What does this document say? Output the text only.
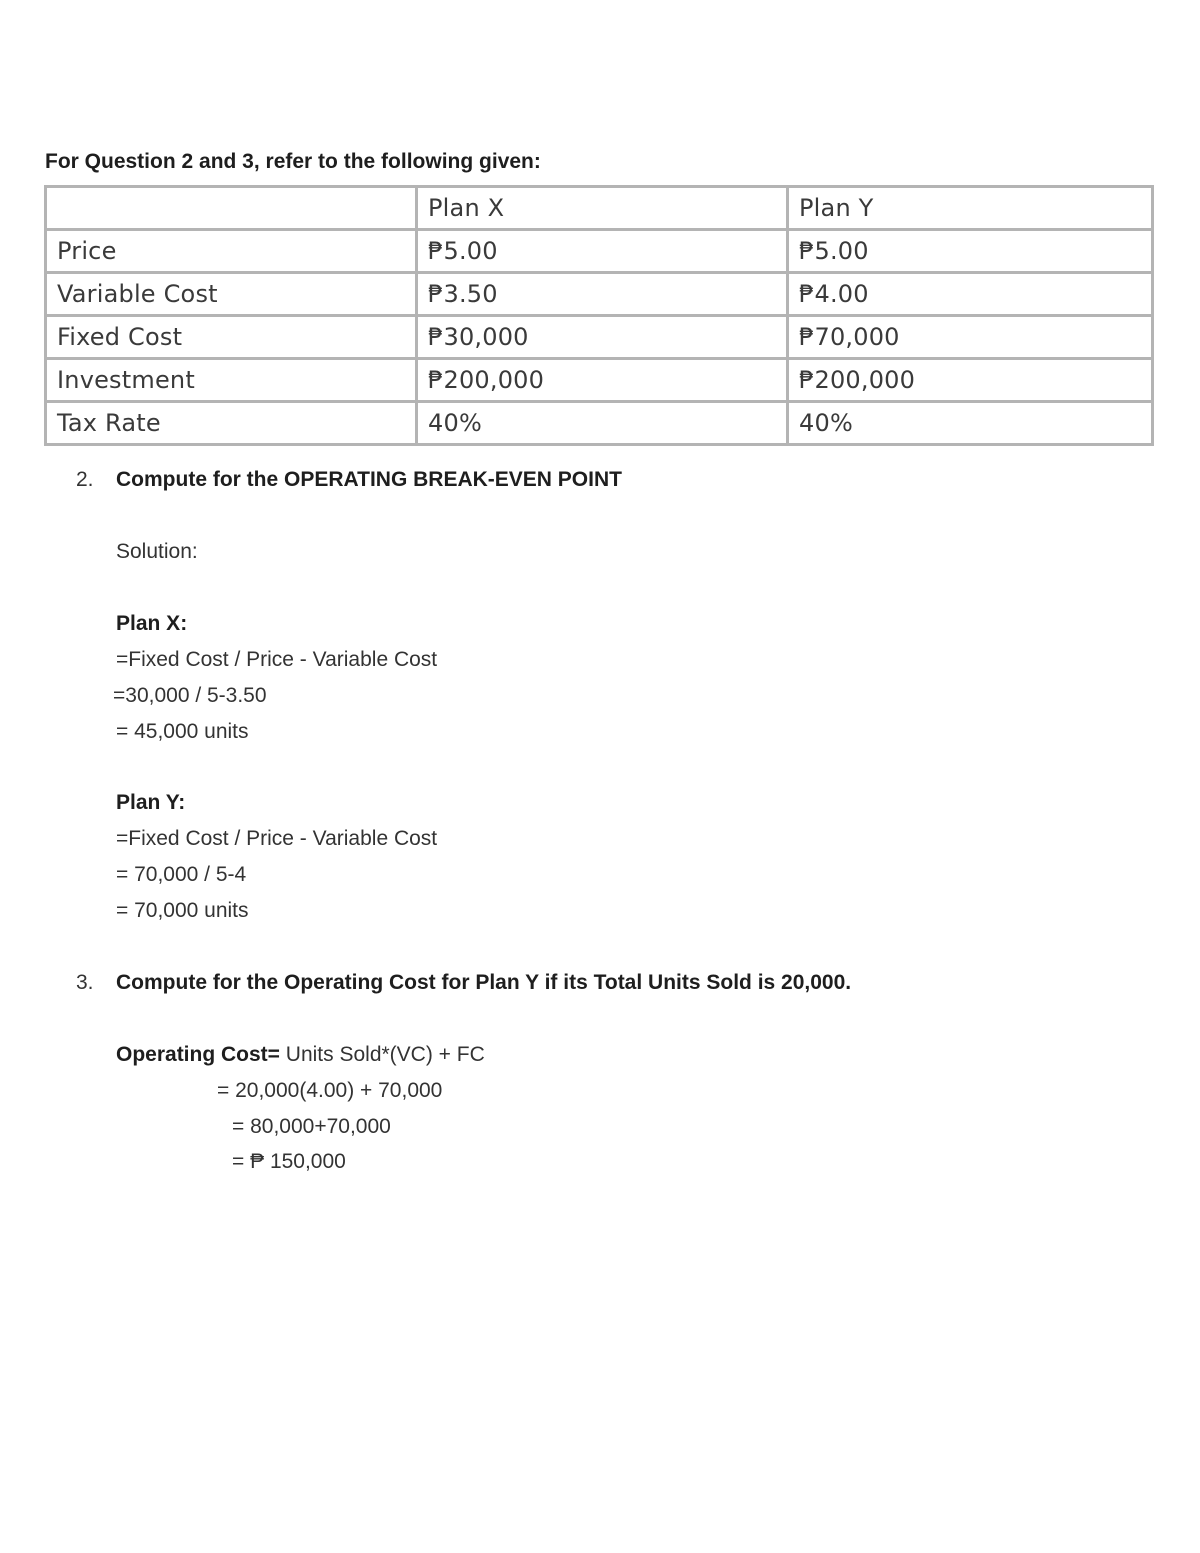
For Question 2 and 3, refer to the following given:
	Plan X	Plan Y
Price	₱5.00	₱5.00
Variable Cost	₱3.50	₱4.00
Fixed Cost	₱30,000	₱70,000
Investment	₱200,000	₱200,000
Tax Rate	40%	40%
2. Compute for the OPERATING BREAK-EVEN POINT
Solution:
Plan X:
=Fixed Cost / Price - Variable Cost
=30,000 / 5-3.50
= 45,000 units
Plan Y:
=Fixed Cost / Price - Variable Cost
= 70,000 / 5-4
= 70,000 units
3. Compute for the Operating Cost for Plan Y if its Total Units Sold is 20,000.
Operating Cost= Units Sold*(VC) + FC
= 20,000(4.00) + 70,000
= 80,000+70,000
= ₱ 150,000
